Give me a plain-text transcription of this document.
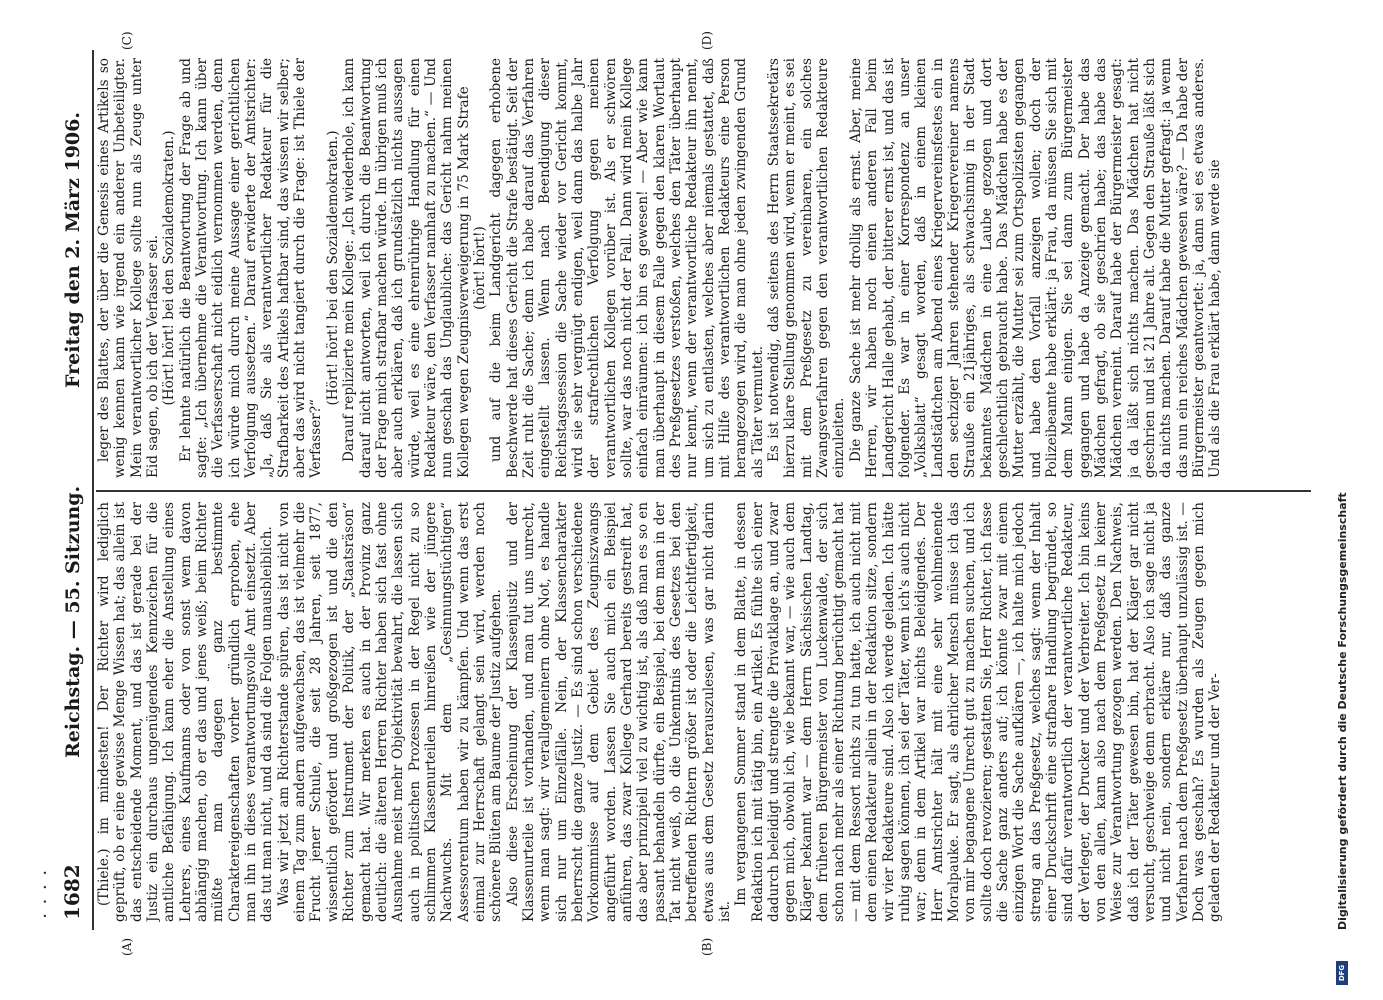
· · · · 1682
Reichstag. — 55. Sitzung.
Freitag den 2. März 1906.
(A)	(B)
(C)	(D)

(Thiele.) im mindesten! Der Richter wird lediglich geprüft, ob er eine gewisse Menge Wissen hat; das allein ist das entscheidende Moment, und das ist gerade bei der Justiz ein durchaus ungenügendes Kennzeichen für die amtliche Befähigung. Ich kann eher die Anstellung eines Lehrers, eines Kaufmanns oder von sonst wem davon abhängig machen, ob er das und jenes weiß; beim Richter müßte man dagegen ganz bestimmte Charaktereigenschaften vorher gründlich erproben, ehe man ihn in dieses verantwortungsvolle Amt einsetzt. Aber das tut man nicht, und da sind die Folgen unausbleiblich. Was wir jetzt am Richterstande spüren, das ist nicht von einem Tag zum andern aufgewachsen, das ist vielmehr die Frucht jener Schule, die seit 28 Jahren, seit 1877, wissentlich gefördert und großgezogen ist und die den Richter zum Instrument der Politik, der „Staatsräson“ gemacht hat. Wir merken es auch in der Provinz ganz deutlich: die älteren Herren Richter haben sich fast ohne Ausnahme meist mehr Objektivität bewahrt, die lassen sich auch in politischen Prozessen in der Regel nicht zu so schlimmen Klassenurteilen hinreißen wie der jüngere Nachwuchs. Mit dem „Gesinnungstüchtigen“ Assessorentum haben wir zu kämpfen. Und wenn das erst einmal zur Herrschaft gelangt sein wird, werden noch schönere Blüten am Baume der Justiz aufgehen. Also diese Erscheinung der Klassenjustiz und der Klassenurteile ist vorhanden, und man tut uns unrecht, wenn man sagt: wir verallgemeinern ohne Not, es handle sich nur um Einzelfälle. Nein, der Klassencharakter beherrscht die ganze Justiz. — Es sind schon verschiedene Vorkommnisse auf dem Gebiet des Zeugniszwangs angeführt worden. Lassen Sie auch mich ein Beispiel anführen, das zwar Kollege Gerhard bereits gestreift hat, das aber prinzipiell viel zu wichtig ist, als daß man es so en passant behandeln dürfte, ein Beispiel, bei dem man in der Tat nicht weiß, ob die Unkenntnis des Gesetzes bei den betreffenden Richtern größer ist oder die Leichtfertigkeit, etwas aus dem Gesetz herauszulesen, was gar nicht darin ist.

Im vergangenen Sommer stand in dem Blatte, in dessen Redaktion ich mit tätig bin, ein Artikel. Es fühlte sich einer dadurch beleidigt und strengte die Privatklage an, und zwar gegen mich, obwohl ich, wie bekannt war, — wie auch dem Kläger bekannt war — dem Herrn Sächsischen Landtag, dem früheren Bürgermeister von Luckenwalde, der sich schon nach mehr als einer Richtung berüchtigt gemacht hat — mit dem Ressort nichts zu tun hatte, ich auch nicht mit dem einen Redakteur allein in der Redaktion sitze, sondern wir vier Redakteure sind. Also ich werde geladen. Ich hätte ruhig sagen können, ich sei der Täter, wenn ich's auch nicht war; denn in dem Artikel war nichts Beleidigendes. Der Herr Amtsrichter hält mit eine sehr wohlmeinende Moralpauke. Er sagt, als ehrlicher Mensch müsse ich das von mir begangene Unrecht gut zu machen suchen, und ich sollte doch revozieren; gestatten Sie, Herr Richter, ich fasse die Sache ganz anders auf; ich könnte zwar mit einem einzigen Wort die Sache aufklären —, ich halte mich jedoch streng an das Preßgesetz, welches sagt: wenn der Inhalt einer Druckschrift eine strafbare Handlung begründet, so sind dafür verantwortlich der verantwortliche Redakteur, der Verleger, der Drucker und der Verbreiter. Ich bin keins von den allen, kann also nach dem Preßgesetz in keiner Weise zur Verantwortung gezogen werden. Den Nachweis, daß ich der Täter gewesen bin, hat der Kläger gar nicht versucht, geschweige denn erbracht. Also ich sage nicht ja und nicht nein, sondern erkläre nur, daß das ganze Verfahren nach dem Preßgesetz überhaupt unzulässig ist. — Doch was geschah? Es wurden als Zeugen gegen mich geladen der Redakteur und der Ver-

leger des Blattes, der über die Genesis eines Artikels so wenig kennen kann wie irgend ein anderer Unbeteiligter. Mein verantwortlicher Kollege sollte nun als Zeuge unter Eid sagen, ob ich der Verfasser sei. (Hört! hört! bei den Sozialdemokraten.) Er lehnte natürlich die Beantwortung der Frage ab und sagte: „Ich übernehme die Verantwortung. Ich kann über die Verfasserschaft nicht eidlich vernommen werden, denn ich würde mich durch meine Aussage einer gerichtlichen Verfolgung aussetzen.“ Darauf erwiderte der Amtsrichter: „Ja, daß Sie als verantwortlicher Redakteur für die Strafbarkeit des Artikels haftbar sind, das wissen wir selber; aber das wird nicht tangiert durch die Frage: ist Thiele der Verfasser?“

(Hört! hört! bei den Sozialdemokraten.) Darauf replizierte mein Kollege: „Ich wiederhole, ich kann darauf nicht antworten, weil ich durch die Beantwortung der Frage mich strafbar machen würde. Im übrigen muß ich aber auch erklären, daß ich grundsätzlich nichts aussagen würde, weil es eine ehrenrührige Handlung für einen Redakteur wäre, den Verfasser namhaft zu machen.“ — Und nun geschah das Unglaubliche: das Gericht nahm meinen Kollegen wegen Zeugnisverweigerung in 75 Mark Strafe (hört! hört!) und auf die beim Landgericht dagegen erhobene Beschwerde hat dieses Gericht die Strafe bestätigt. Seit der Zeit ruht die Sache; denn ich habe darauf das Verfahren eingestellt lassen. Wenn nach Beendigung dieser Reichstagssession die Sache wieder vor Gericht kommt, wird sie sehr vergnügt endigen, weil dann das halbe Jahr der strafrechtlichen Verfolgung gegen meinen verantwortlichen Kollegen vorüber ist. Als er schwören sollte, war das noch nicht der Fall. Dann wird mein Kollege einfach einräumen: ich bin es gewesen! — Aber wie kann man überhaupt in diesem Falle gegen den klaren Wortlaut des Preßgesetzes verstoßen, welches den Täter überhaupt nur kennt, wenn der verantwortliche Redakteur ihn nennt, um sich zu entlasten, welches aber niemals gestattet, daß mit Hilfe des verantwortlichen Redakteurs eine Person herangezogen wird, die man ohne jeden zwingenden Grund als Täter vermutet. Es ist notwendig, daß seitens des Herrn Staatssekretärs hierzu klare Stellung genommen wird, wenn er meint, es sei mit dem Preßgesetz zu vereinbaren, ein solches Zwangsverfahren gegen den verantwortlichen Redakteure einzuleiten. Die ganze Sache ist mehr drollig als ernst. Aber, meine Herren, wir haben noch einen anderen Fall beim Landgericht Halle gehabt, der bitterer ernst ist, und das ist folgender. Es war in einer Korrespondenz an unser „Volksblatt“ gesagt worden, daß in einem kleinen Landstädtchen am Abend eines Kriegervereinsfestes ein in den sechziger Jahren stehender Kriegervereiner namens Strauße ein 21jähriges, als schwachsinnig in der Stadt bekanntes Mädchen in eine Laube gezogen und dort geschlechtlich gebraucht habe. Das Mädchen habe es der Mutter erzählt, die Mutter sei zum Ortspolizisten gegangen und habe den Vorfall anzeigen wollen; doch der Polizeibeamte habe erklärt: ja Frau, da müssen Sie sich mit dem Mann einigen. Sie sei dann zum Bürgermeister gegangen und habe da Anzeige gemacht. Der habe das Mädchen gefragt, ob sie geschrien habe; das habe das Mädchen verneint. Darauf habe der Bürgermeister gesagt: ja da läßt sich nichts machen. Das Mädchen hat nicht geschrien und ist 21 Jahre alt. Gegen den Strauße läßt sich da nichts machen. Darauf habe die Mutter gefragt: ja wenn das nun ein reiches Mädchen gewesen wäre? — Da habe der Bürgermeister geantwortet: ja, dann sei es etwas anderes. Und als die Frau erklärt habe, dann werde sie

DFG
Digitalisierung gefördert durch die Deutsche Forschungsgemeinschaft
